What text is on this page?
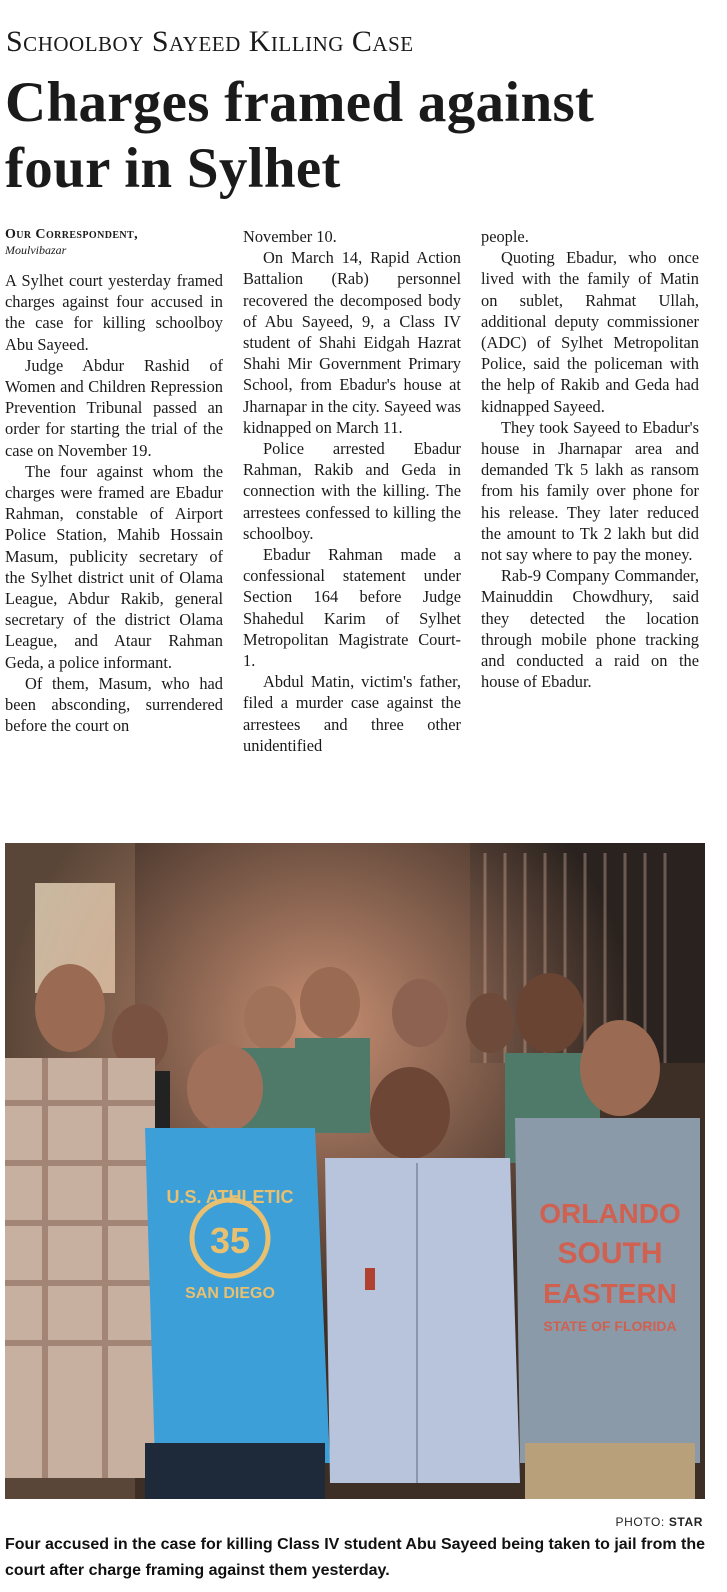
Schoolboy Sayeed Killing Case
Charges framed against four in Sylhet
Our Correspondent,
Moulvibazar

A Sylhet court yesterday framed charges against four accused in the case for killing schoolboy Abu Sayeed.

Judge Abdur Rashid of Women and Children Repression Prevention Tribunal passed an order for starting the trial of the case on November 19.

The four against whom the charges were framed are Ebadur Rahman, constable of Airport Police Station, Mahib Hossain Masum, publicity secretary of the Sylhet district unit of Olama League, Abdur Rakib, general secretary of the district Olama League, and Ataur Rahman Geda, a police informant.

Of them, Masum, who had been absconding, surrendered before the court on

November 10.

On March 14, Rapid Action Battalion (Rab) personnel recovered the decomposed body of Abu Sayeed, 9, a Class IV student of Shahi Eidgah Hazrat Shahi Mir Government Primary School, from Ebadur's house at Jharnapar in the city. Sayeed was kidnapped on March 11.

Police arrested Ebadur Rahman, Rakib and Geda in connection with the killing. The arrestees confessed to killing the schoolboy.

Ebadur Rahman made a confessional statement under Section 164 before Judge Shahedul Karim of Sylhet Metropolitan Magistrate Court-1.

Abdul Matin, victim's father, filed a murder case against the arrestees and three other unidentified

people.

Quoting Ebadur, who once lived with the family of Matin on sublet, Rahmat Ullah, additional deputy commissioner (ADC) of Sylhet Metropolitan Police, said the policeman with the help of Rakib and Geda had kidnapped Sayeed.

They took Sayeed to Ebadur's house in Jharnapar area and demanded Tk 5 lakh as ransom from his family over phone for his release. They later reduced the amount to Tk 2 lakh but did not say where to pay the money.

Rab-9 Company Commander, Mainuddin Chowdhury, said they detected the location through mobile phone tracking and conducted a raid on the house of Ebadur.

U.S. ATHLETIC
35
SAN DIEGO
ORLANDO
SOUTH
EASTERN
STATE OF FLORIDA
PHOTO: STAR
Four accused in the case for killing Class IV student Abu Sayeed being taken to jail from the court after charge framing against them yesterday.
